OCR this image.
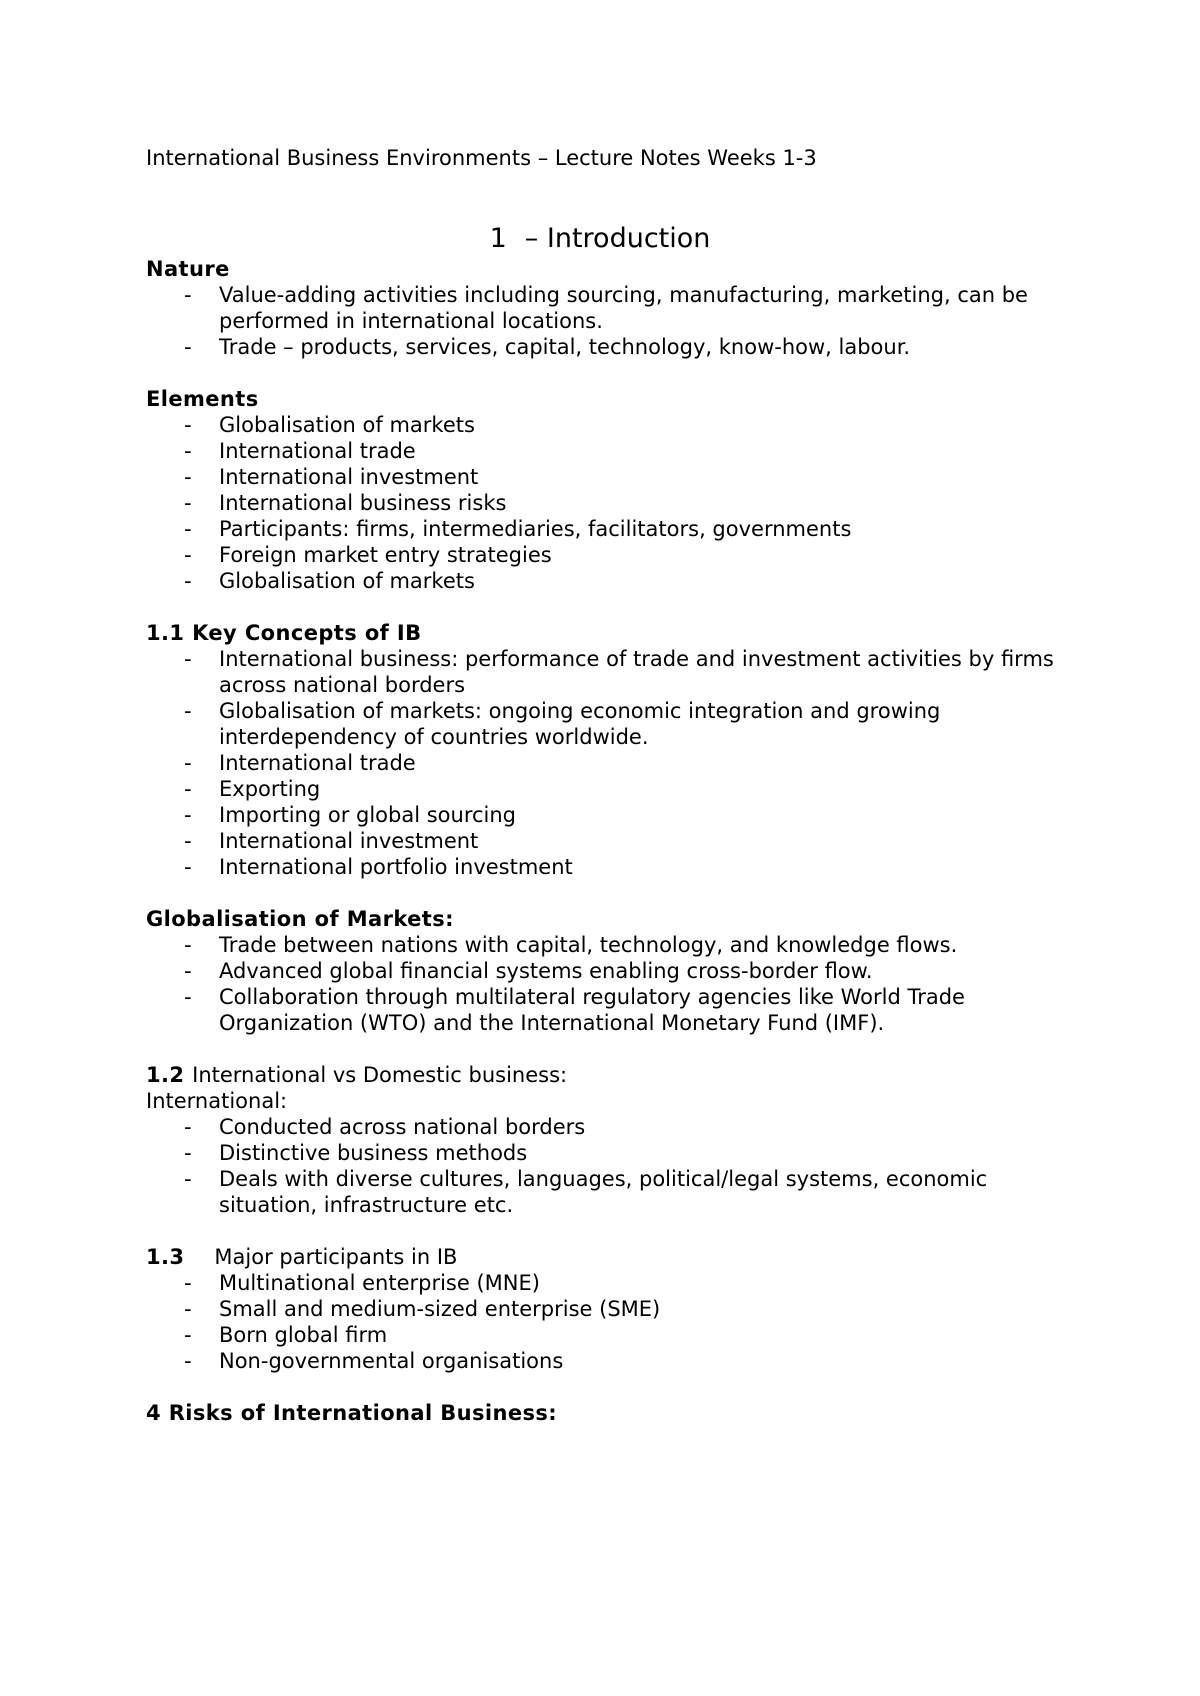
International Business Environments – Lecture Notes Weeks 1-3

1 – Introduction

Nature

- Value-adding activities including sourcing, manufacturing, marketing, can be performed in international locations.
- Trade – products, services, capital, technology, know-how, labour.

Elements

- Globalisation of markets
- International trade
- International investment
- International business risks
- Participants: firms, intermediaries, facilitators, governments
- Foreign market entry strategies
- Globalisation of markets

1.1 Key Concepts of IB

- International business: performance of trade and investment activities by firms across national borders
- Globalisation of markets: ongoing economic integration and growing interdependency of countries worldwide.
- International trade
- Exporting
- Importing or global sourcing
- International investment
- International portfolio investment

Globalisation of Markets:

- Trade between nations with capital, technology, and knowledge flows.
- Advanced global financial systems enabling cross-border flow.
- Collaboration through multilateral regulatory agencies like World Trade Organization (WTO) and the International Monetary Fund (IMF).

1.2 International vs Domestic business:

International:

- Conducted across national borders
- Distinctive business methods
- Deals with diverse cultures, languages, political/legal systems, economic situation, infrastructure etc.

1.3 Major participants in IB

- Multinational enterprise (MNE)
- Small and medium-sized enterprise (SME)
- Born global firm
- Non-governmental organisations

4 Risks of International Business:
